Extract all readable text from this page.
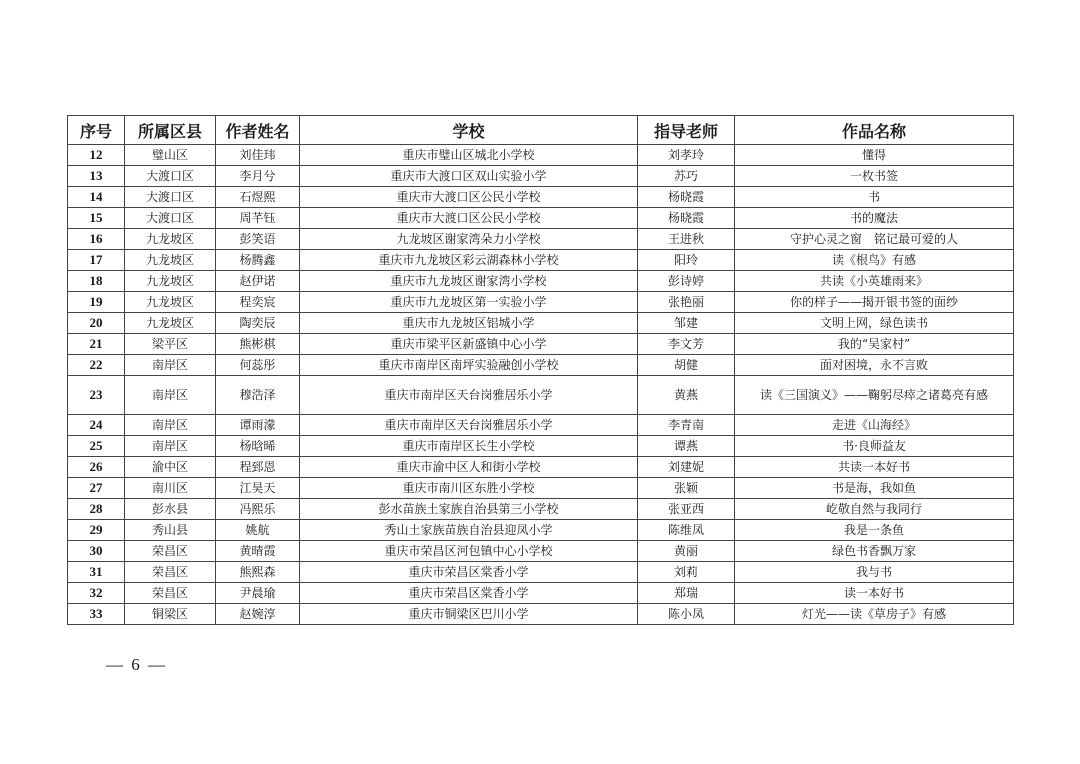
序号	所属区县	作者姓名	学校	指导老师	作品名称
12	璧山区	刘佳玮	重庆市璧山区城北小学校	刘孝玲	懂得
13	大渡口区	李月兮	重庆市大渡口区双山实验小学	苏巧	一枚书签
14	大渡口区	石煜熙	重庆市大渡口区公民小学校	杨晓霞	书
15	大渡口区	周芊钰	重庆市大渡口区公民小学校	杨晓霞	书的魔法
16	九龙坡区	彭笑语	九龙坡区谢家湾朵力小学校	王进秋	守护心灵之窗　铭记最可爱的人
17	九龙坡区	杨腾鑫	重庆市九龙坡区彩云湖森林小学校	阳玲	读《根鸟》有感
18	九龙坡区	赵伊诺	重庆市九龙坡区谢家湾小学校	彭诗婷	共读《小英雄雨来》
19	九龙坡区	程奕宸	重庆市九龙坡区第一实验小学	张艳丽	你的样子——揭开银书签的面纱
20	九龙坡区	陶奕辰	重庆市九龙坡区铝城小学	邹建	文明上网，绿色读书
21	梁平区	熊彬棋	重庆市梁平区新盛镇中心小学	李文芳	我的“吴家村”
22	南岸区	何蕊彤	重庆市南岸区南坪实验融创小学校	胡健	面对困境，永不言败
23	南岸区	穆浩泽	重庆市南岸区天台岗雅居乐小学	黄燕	读《三国演义》——鞠躬尽瘁之诸葛亮有感
24	南岸区	谭雨濛	重庆市南岸区天台岗雅居乐小学	李青南	走进《山海经》
25	南岸区	杨晗晞	重庆市南岸区长生小学校	谭燕	书·良师益友
26	渝中区	程郅恩	重庆市渝中区人和街小学校	刘建妮	共读一本好书
27	南川区	江昊天	重庆市南川区东胜小学校	张颖	书是海，我如鱼
28	彭水县	冯熙乐	彭水苗族土家族自治县第三小学校	张亚西	屹敬自然与我同行
29	秀山县	姚航	秀山土家族苗族自治县迎凤小学	陈维凤	我是一条鱼
30	荣昌区	黄晴霞	重庆市荣昌区河包镇中心小学校	黄丽	绿色书香飘万家
31	荣昌区	熊熙森	重庆市荣昌区棠香小学	刘莉	我与书
32	荣昌区	尹晨瑜	重庆市荣昌区棠香小学	郑瑞	读一本好书
33	铜梁区	赵婉淳	重庆市铜梁区巴川小学	陈小凤	灯光——读《草房子》有感
— 6 —
